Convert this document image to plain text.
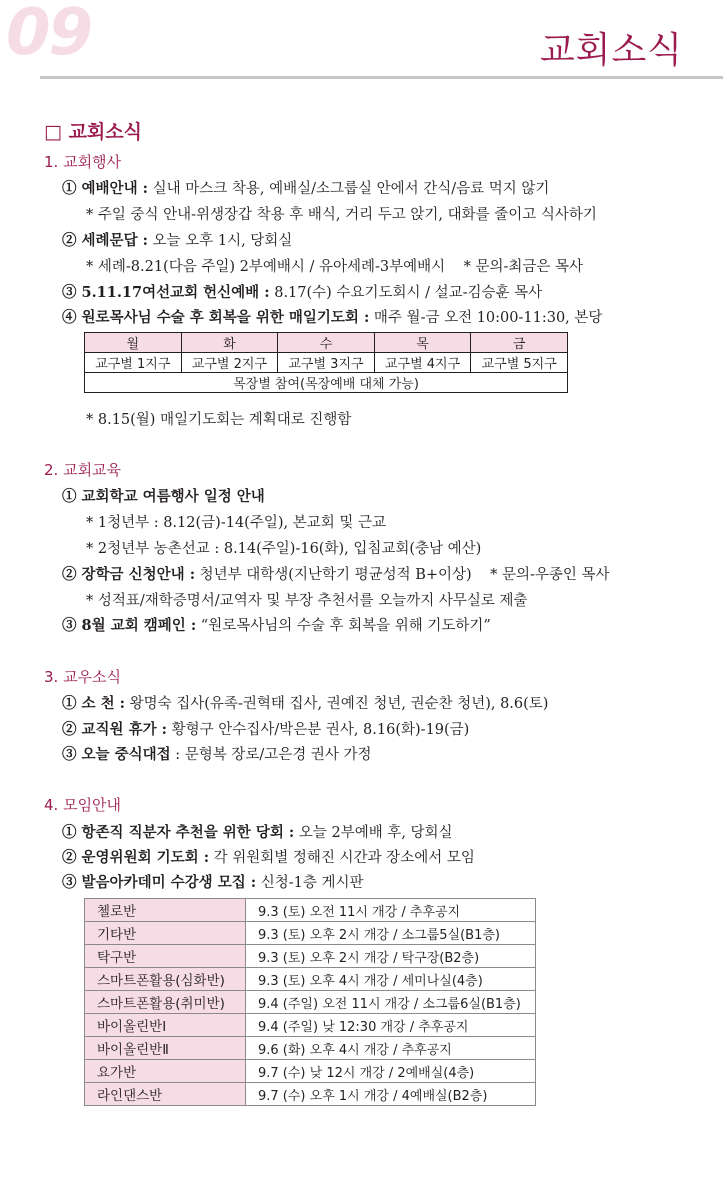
09	교회소식
□ 교회소식
1. 교회행사
① 예배안내 : 실내 마스크 착용, 예배실/소그룹실 안에서 간식/음료 먹지 않기
* 주일 중식 안내-위생장갑 착용 후 배식, 거리 두고 앉기, 대화를 줄이고 식사하기
② 세례문답 : 오늘 오후 1시, 당회실
* 세례-8.21(다음 주일) 2부예배시 / 유아세례-3부예배시    * 문의-최금은 목사
③ 5.11.17여선교회 헌신예배 : 8.17(수) 수요기도회시 / 설교-김승훈 목사
④ 원로목사님 수술 후 회복을 위한 매일기도회 : 매주 월-금 오전 10:00-11:30, 본당
월	화	수	목	금
교구별 1지구	교구별 2지구	교구별 3지구	교구별 4지구	교구별 5지구
목장별 참여(목장예배 대체 가능)				
* 8.15(월) 매일기도회는 계획대로 진행함
2. 교회교육
① 교회학교 여름행사 일정 안내
* 1청년부 : 8.12(금)-14(주일), 본교회 및 근교
* 2청년부 농촌선교 : 8.14(주일)-16(화), 입침교회(충남 예산)
② 장학금 신청안내 : 청년부 대학생(지난학기 평균성적 B+이상)    * 문의-우종인 목사
* 성적표/재학증명서/교역자 및 부장 추천서를 오늘까지 사무실로 제출
③ 8월 교회 캠페인 : “원로목사님의 수술 후 회복을 위해 기도하기”
3. 교우소식
① 소 천 : 왕명숙 집사(유족-권혁태 집사, 권예진 청년, 권순찬 청년), 8.6(토)
② 교직원 휴가 : 황형구 안수집사/박은분 권사, 8.16(화)-19(금)
③ 오늘 중식대접 : 문형복 장로/고은경 권사 가정
4. 모임안내
① 항존직 직분자 추천을 위한 당회 : 오늘 2부예배 후, 당회실
② 운영위원회 기도회 : 각 위원회별 정해진 시간과 장소에서 모임
③ 발음아카데미 수강생 모집 : 신청-1층 게시판
첼로반	9.3 (토) 오전 11시 개강 / 추후공지
기타반	9.3 (토) 오후 2시 개강 / 소그룹5실(B1층)
탁구반	9.3 (토) 오후 2시 개강 / 탁구장(B2층)
스마트폰활용(심화반)	9.3 (토) 오후 4시 개강 / 세미나실(4층)
스마트폰활용(취미반)	9.4 (주일) 오전 11시 개강 / 소그룹6실(B1층)
바이올린반Ⅰ	9.4 (주일) 낮 12:30 개강 / 추후공지
바이올린반Ⅱ	9.6 (화) 오후 4시 개강 / 추후공지
요가반	9.7 (수) 낮 12시 개강 / 2예배실(4층)
라인댄스반	9.7 (수) 오후 1시 개강 / 4예배실(B2층)
